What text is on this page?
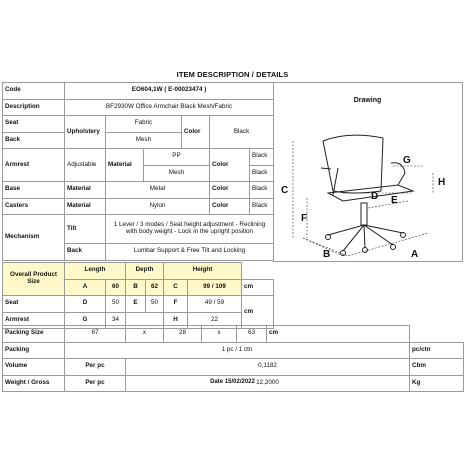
ITEM DESCRIPTION / DETAILS
Code	EO604,1W ( E-00023474 )					
Description	BF2930W Office Armchair Black Mesh/Fabric					
Seat	Upholstery	Fabric		Color	Black	
Back		Mesh				
Armrest	Adjustable	Material	PP		Color	Black
			Mesh			Black
Base	Material	Metal			Color	Black
Casters	Material	Nylon			Color	Black
Mechanism	Tilt	1 Lever / 3 modes / Seat height adjustment - Reclining with body weight - Lock in the upright position				
	Back	Lumbar Support & Free Tilt and Locking				
Overall Product Size	Length		Depth		Height		
	A	60	B	62	C	99 / 109	cm
Seat	D	50	E	50	F	49 / 59	cm
Armrest	G	34			H	22	
Packing Size	67	x	28	x	63	cm	
Packing	1 pc / 1 ctn						pc/ctn
Volume	Per pc	0,1182					Cbm
Weight / Gross	Per pc	12,2000					Kg
Drawing
C
F
G
H
E
D
B	A
Date 15/02/2022
